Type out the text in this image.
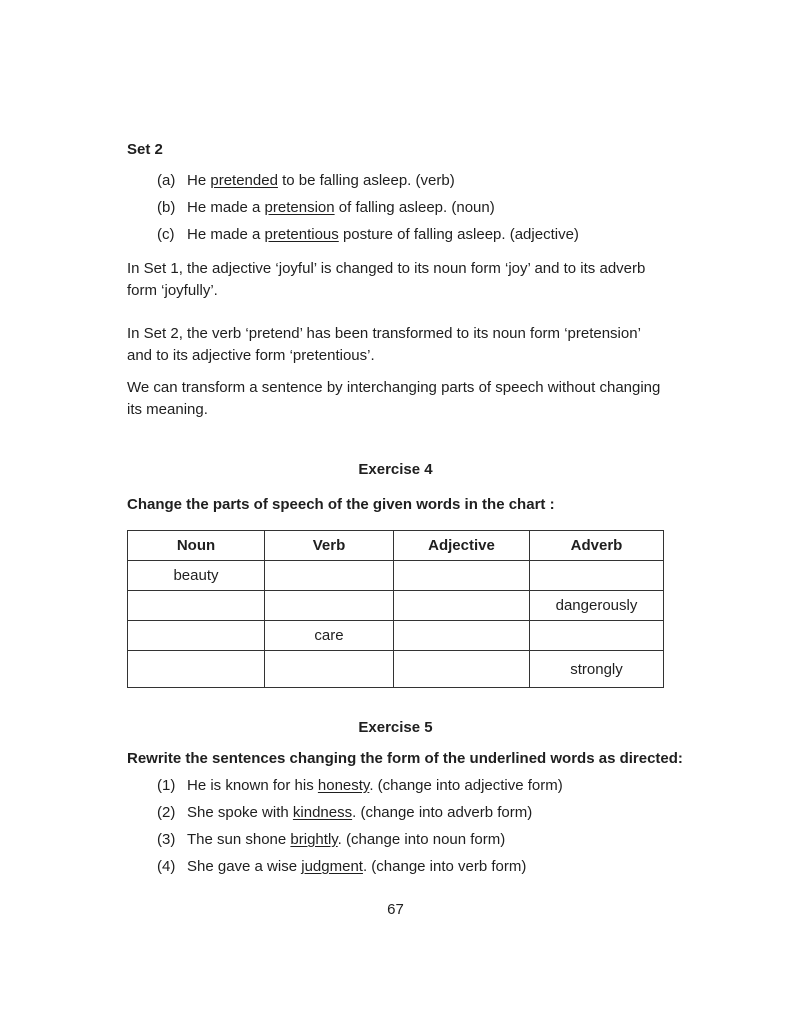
Set 2
(a) He pretended to be falling asleep. (verb)
(b) He made a pretension of falling asleep. (noun)
(c) He made a pretentious posture of falling asleep. (adjective)
In Set 1, the adjective ‘joyful’ is changed to its noun form ‘joy’ and to its adverb
form ‘joyfully’.
In Set 2, the verb ‘pretend’ has been transformed to its noun form ‘pretension’
and to its adjective form ‘pretentious’.
We can transform a sentence by interchanging parts of speech without changing
its meaning.
Exercise 4
Change the parts of speech of the given words in the chart :
Noun	Verb	Adjective	Adverb
beauty			
			dangerously
	care		
			strongly
Exercise 5
Rewrite the sentences changing the form of the underlined words as directed:
(1) He is known for his honesty. (change into adjective form)
(2) She spoke with kindness. (change into adverb form)
(3) The sun shone brightly. (change into noun form)
(4) She gave a wise judgment. (change into verb form)
67
